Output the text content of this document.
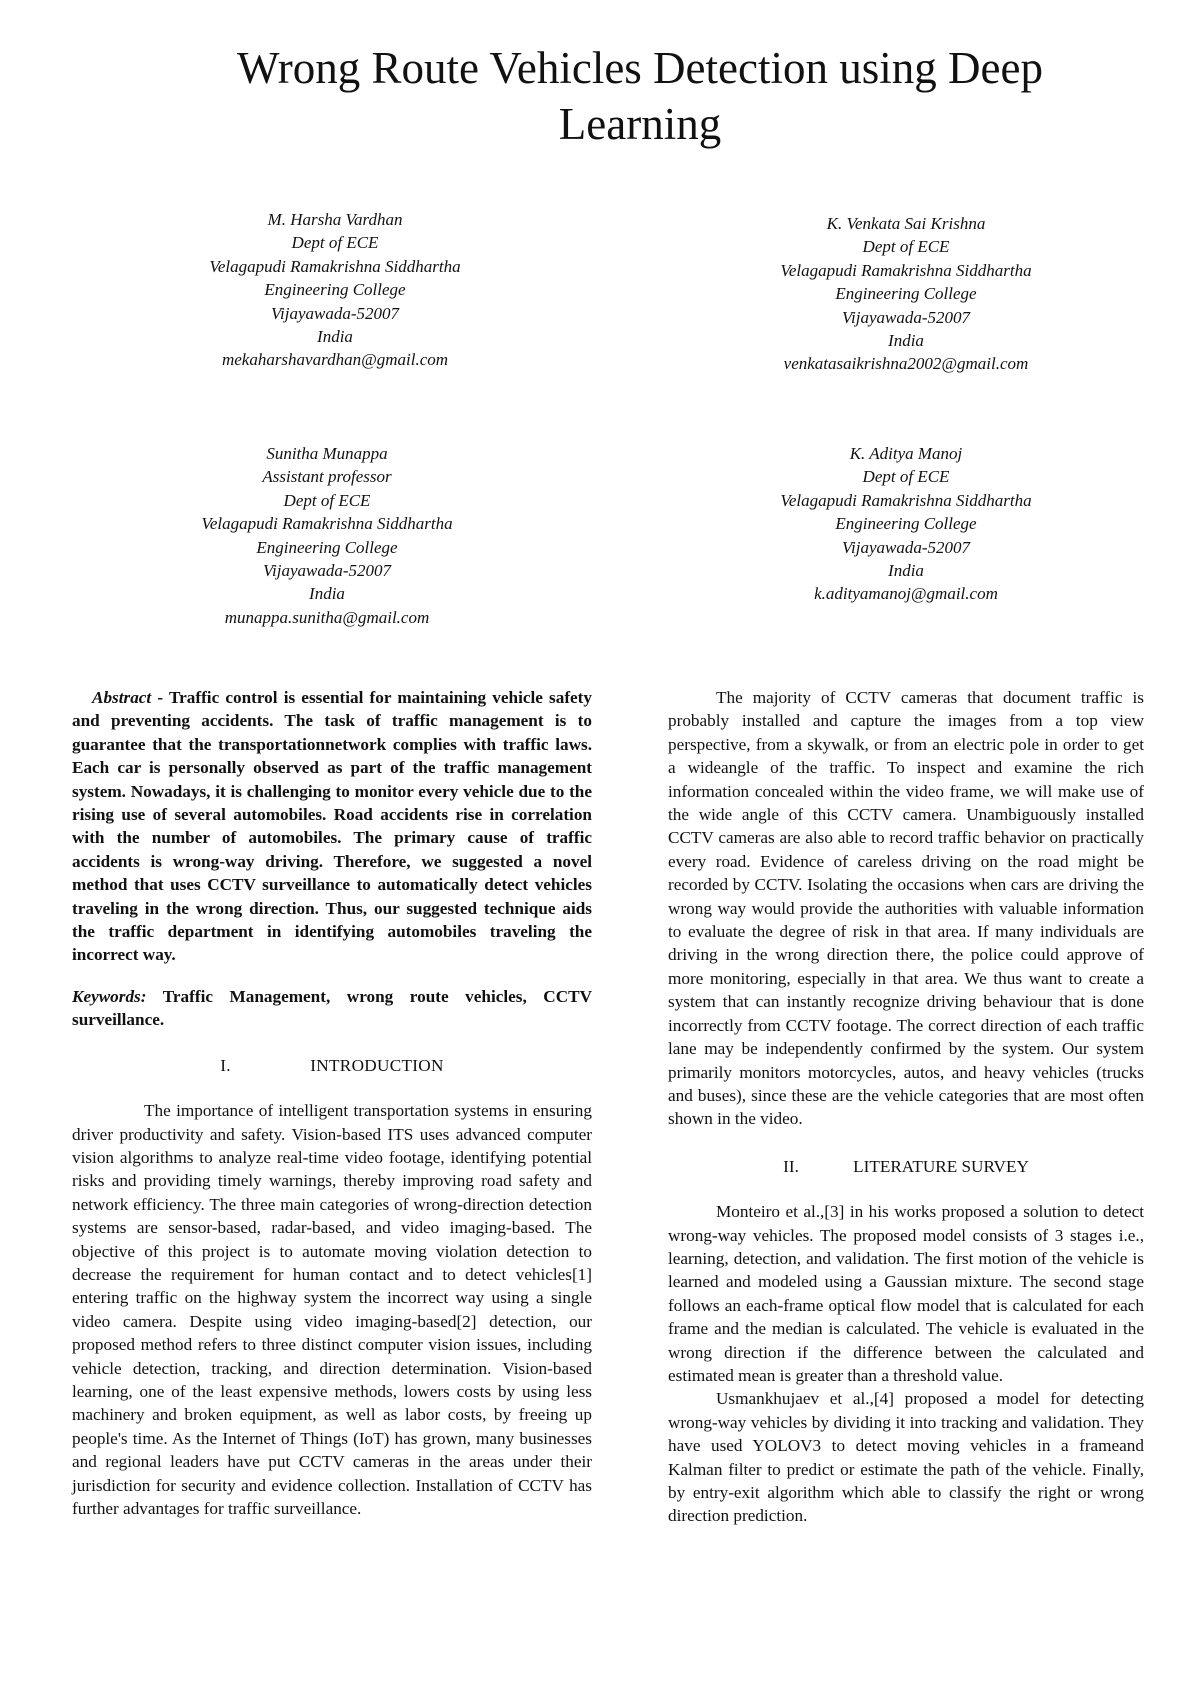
Wrong Route Vehicles Detection using Deep Learning
M. Harsha Vardhan
Dept of ECE
Velagapudi Ramakrishna Siddhartha
Engineering College
Vijayawada-52007
India
mekaharshavardhan@gmail.com
K. Venkata Sai Krishna
Dept of ECE
Velagapudi Ramakrishna Siddhartha
Engineering College
Vijayawada-52007
India
venkatasaikrishna2002@gmail.com
Sunitha Munappa
Assistant professor
Dept of ECE
Velagapudi Ramakrishna Siddhartha
Engineering College
Vijayawada-52007
India
munappa.sunitha@gmail.com
K. Aditya Manoj
Dept of ECE
Velagapudi Ramakrishna Siddhartha
Engineering College
Vijayawada-52007
India
k.adityamanoj@gmail.com

Abstract - Traffic control is essential for maintaining vehicle safety and preventing accidents. The task of traffic management is to guarantee that the transportationnetwork complies with traffic laws. Each car is personally observed as part of the traffic management system. Nowadays, it is challenging to monitor every vehicle due to the rising use of several automobiles. Road accidents rise in correlation with the number of automobiles. The primary cause of traffic accidents is wrong-way driving. Therefore, we suggested a novel method that uses CCTV surveillance to automatically detect vehicles traveling in the wrong direction. Thus, our suggested technique aids the traffic department in identifying automobiles traveling the incorrect way.

Keywords: Traffic Management, wrong route vehicles, CCTV surveillance.

I.	INTRODUCTION

The importance of intelligent transportation systems in ensuring driver productivity and safety. Vision-based ITS uses advanced computer vision algorithms to analyze real-time video footage, identifying potential risks and providing timely warnings, thereby improving road safety and network efficiency. The three main categories of wrong-direction detection systems are sensor-based, radar-based, and video imaging-based. The objective of this project is to automate moving violation detection to decrease the requirement for human contact and to detect vehicles[1] entering traffic on the highway system the incorrect way using a single video camera. Despite using video imaging-based[2] detection, our proposed method refers to three distinct computer vision issues, including vehicle detection, tracking, and direction determination. Vision-based learning, one of the least expensive methods, lowers costs by using less machinery and broken equipment, as well as labor costs, by freeing up people's time. As the Internet of Things (IoT) has grown, many businesses and regional leaders have put CCTV cameras in the areas under their jurisdiction for security and evidence collection. Installation of CCTV has further advantages for traffic surveillance.

The majority of CCTV cameras that document traffic is probably installed and capture the images from a top view perspective, from a skywalk, or from an electric pole in order to get a wideangle of the traffic. To inspect and examine the rich information concealed within the video frame, we will make use of the wide angle of this CCTV camera. Unambiguously installed CCTV cameras are also able to record traffic behavior on practically every road. Evidence of careless driving on the road might be recorded by CCTV. Isolating the occasions when cars are driving the wrong way would provide the authorities with valuable information to evaluate the degree of risk in that area. If many individuals are driving in the wrong direction there, the police could approve of more monitoring, especially in that area. We thus want to create a system that can instantly recognize driving behaviour that is done incorrectly from CCTV footage. The correct direction of each traffic lane may be independently confirmed by the system. Our system primarily monitors motorcycles, autos, and heavy vehicles (trucks and buses), since these are the vehicle categories that are most often shown in the video.

II.	LITERATURE SURVEY

Monteiro et al.,[3] in his works proposed a solution to detect wrong-way vehicles. The proposed model consists of 3 stages i.e., learning, detection, and validation. The first motion of the vehicle is learned and modeled using a Gaussian mixture. The second stage follows an each-frame optical flow model that is calculated for each frame and the median is calculated. The vehicle is evaluated in the wrong direction if the difference between the calculated and estimated mean is greater than a threshold value.

Usmankhujaev et al.,[4] proposed a model for detecting wrong-way vehicles by dividing it into tracking and validation. They have used YOLOV3 to detect moving vehicles in a frameand Kalman filter to predict or estimate the path of the vehicle. Finally, by entry-exit algorithm which able to classify the right or wrong direction prediction.
